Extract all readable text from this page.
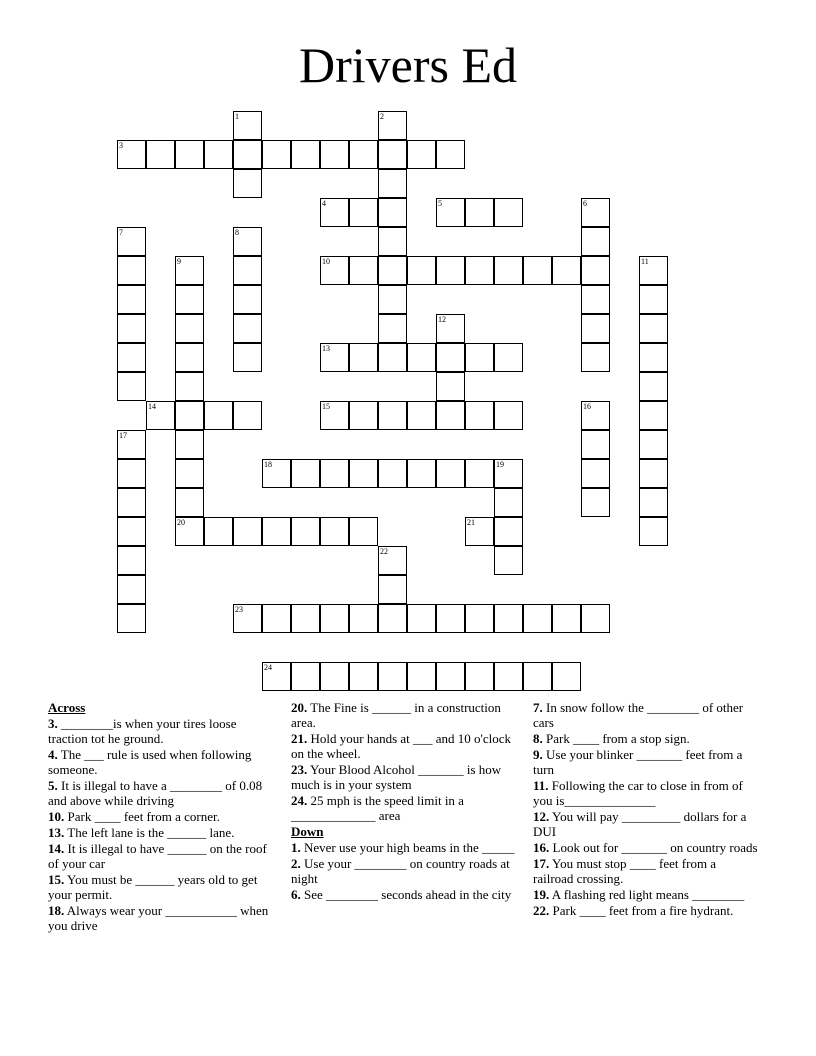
Drivers Ed
1	2
3
4	5	6
7	8
9	10	11
12
13
14	15	16
17
18	19
20	21
22
23
24
Across
3. ________is when your tires loose traction tot he ground.
4. The ___ rule is used when following someone.
5. It is illegal to have a ________ of 0.08 and above while driving
10. Park ____ feet from a corner.
13. The left lane is the ______ lane.
14. It is illegal to have ______ on the roof of your car
15. You must be ______ years old to get your permit.
18. Always wear your ___________ when you drive
20. The Fine is ______ in a construction area.
21. Hold your hands at ___ and 10 o'clock on the wheel.
23. Your Blood Alcohol _______ is how much is in your system
24. 25 mph is the speed limit in a _____________ area
Down
1. Never use your high beams in the _____
2. Use your ________ on country roads at night
6. See ________ seconds ahead in the city
7. In snow follow the ________ of other cars
8. Park ____ from a stop sign.
9. Use your blinker _______ feet from a turn
11. Following the car to close in from of you is______________
12. You will pay _________ dollars for a DUI
16. Look out for _______ on country roads
17. You must stop ____ feet from a railroad crossing.
19. A flashing red light means ________
22. Park ____ feet from a fire hydrant.
